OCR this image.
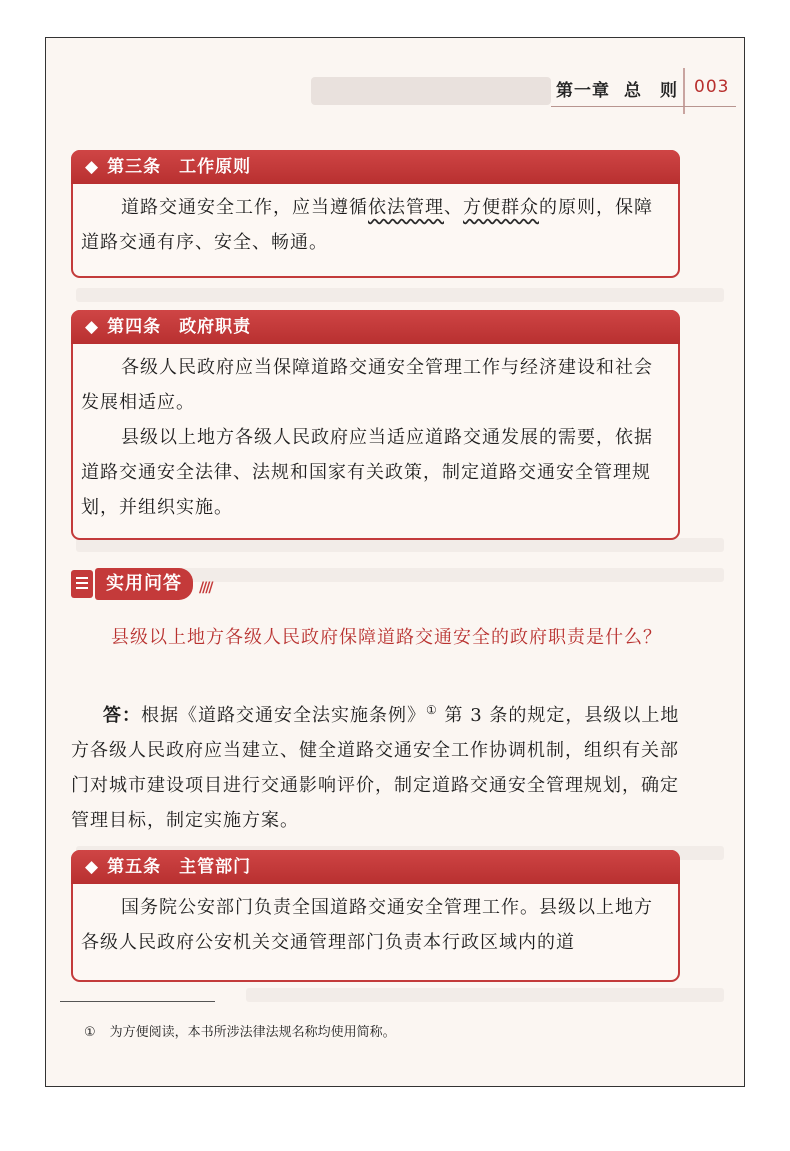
第一章 总　则 003
◆ 第三条 工作原则

道路交通安全工作，应当遵循依法管理、方便群众的原则，保障道路交通有序、安全、畅通。

◆ 第四条 政府职责

各级人民政府应当保障道路交通安全管理工作与经济建设和社会发展相适应。

县级以上地方各级人民政府应当适应道路交通发展的需要，依据道路交通安全法律、法规和国家有关政策，制定道路交通安全管理规划，并组织实施。

实用问答	////
县级以上地方各级人民政府保障道路交通安全的政府职责是什么？
答：根据《道路交通安全法实施条例》① 第 3 条的规定，县级以上地方各级人民政府应当建立、健全道路交通安全工作协调机制，组织有关部门对城市建设项目进行交通影响评价，制定道路交通安全管理规划，确定管理目标，制定实施方案。
◆ 第五条 主管部门

国务院公安部门负责全国道路交通安全管理工作。县级以上地方各级人民政府公安机关交通管理部门负责本行政区域内的道

① 为方便阅读，本书所涉法律法规名称均使用简称。
